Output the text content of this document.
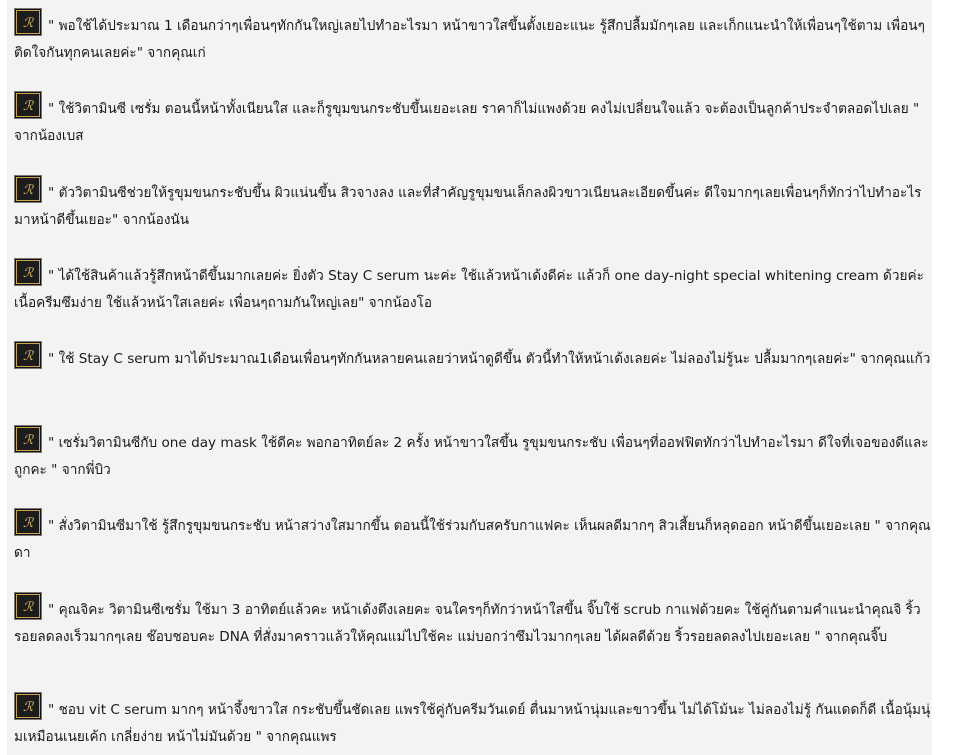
ℛ " พอใช้ได้ประมาณ 1 เดือนกว่าๆเพื่อนๆทักกันใหญ่เลยไปทำอะไรมา หน้าขาวใสขึ้นตั้งเยอะแนะ รู้สึกปลื้มมักๆเลย และเก็กแนะนำให้เพื่อนๆใช้ตาม เพื่อนๆติดใจกันทุกคนเลยค่ะ" จากคุณเก่
ℛ " ใช้วิตามินซี เซรั่ม ตอนนี้หน้าทั้งเนียนใส และก็รูขุมขนกระชับขึ้นเยอะเลย ราคาก็ไม่แพงด้วย คงไม่เปลี่ยนใจแล้ว จะต้องเป็นลูกค้าประจำตลอดไปเลย " จากน้องเบส
ℛ " ตัววิตามินซีช่วยให้รูขุมขนกระชับขึ้น ผิวแน่นขึ้น สิวจางลง และที่สำคัญรูขุมขนเล็กลงผิวขาวเนียนละเอียดขึ้นค่ะ ดีใจมากๆเลยเพื่อนๆก็ทักว่าไปทำอะไรมาหน้าดีขึ้นเยอะ" จากน้องนัน
ℛ " ได้ใช้สินค้าแล้วรู้สึกหน้าดีขึ้นมากเลยค่ะ ยิ่งตัว Stay C serum นะค่ะ ใช้แล้วหน้าเด้งดีค่ะ แล้วก็ one day-night special whitening cream ด้วยค่ะ เนื้อครีมซึมง่าย ใช้แล้วหน้าใสเลยค่ะ เพื่อนๆถามกันใหญ่เลย" จากน้องโอ
ℛ " ใช้ Stay C serum มาได้ประมาณ1เดือนเพื่อนๆทักกันหลายคนเลยว่าหน้าดูดีขึ้น ตัวนี้ทำให้หน้าเด้งเลยค่ะ ไม่ลองไม่รู้นะ ปลื้มมากๆเลยค่ะ" จากคุณแก้ว
ℛ " เซรั่มวิตามินซีกับ one day mask ใช้ดีคะ พอกอาทิตย์ละ 2 ครั้ง หน้าขาวใสขึ้น รูขุมขนกระชับ เพื่อนๆที่ออฟฟิตทักว่าไปทำอะไรมา ดีใจที่เจอของดีและถูกคะ " จากพี่บิว
ℛ " สั่งวิตามินซีมาใช้ รู้สึกรูขุมขนกระชับ หน้าสว่างใสมากขึ้น ตอนนี้ใช้ร่วมกับสครับกาแฟคะ เห็นผลดีมากๆ สิวเสี้ยนก็หลุดออก หน้าดีขึ้นเยอะเลย " จากคุณดา
ℛ " คุณจิคะ วิตามินซีเซรั่ม ใช้มา 3 อาทิตย์แล้วคะ หน้าเด้งตึงเลยคะ จนใครๆก็ทักว่าหน้าใสขึ้น จิ๊บใช้ scrub กาแฟด้วยคะ ใช้คู่กันตามคำแนะนำคุณจิ ริ้วรอยลดลงเร็วมากๆเลย ช๊อบชอบคะ DNA ที่สั่งมาคราวแล้วให้คุณแม่ไปใช้คะ แม่บอกว่าซึมไวมากๆเลย ได้ผลดีด้วย ริ้วรอยลดลงไปเยอะเลย " จากคุณจิ๊บ
ℛ " ชอบ vit C serum มากๆ หน้าจึ้งขาวใส กระชับขึ้นชัดเลย แพรใช้คู่กับครีมวันเดย์ ตื่นมาหน้านุ่มและขาวขึ้น ไม่ได้โม้นะ ไม่ลองไม่รู้ กันแดดก็ดี เนื้อนุ้มนุ่มเหมือนเนยเค้ก เกลี่ยง่าย หน้าไม่มันด้วย " จากคุณแพร
